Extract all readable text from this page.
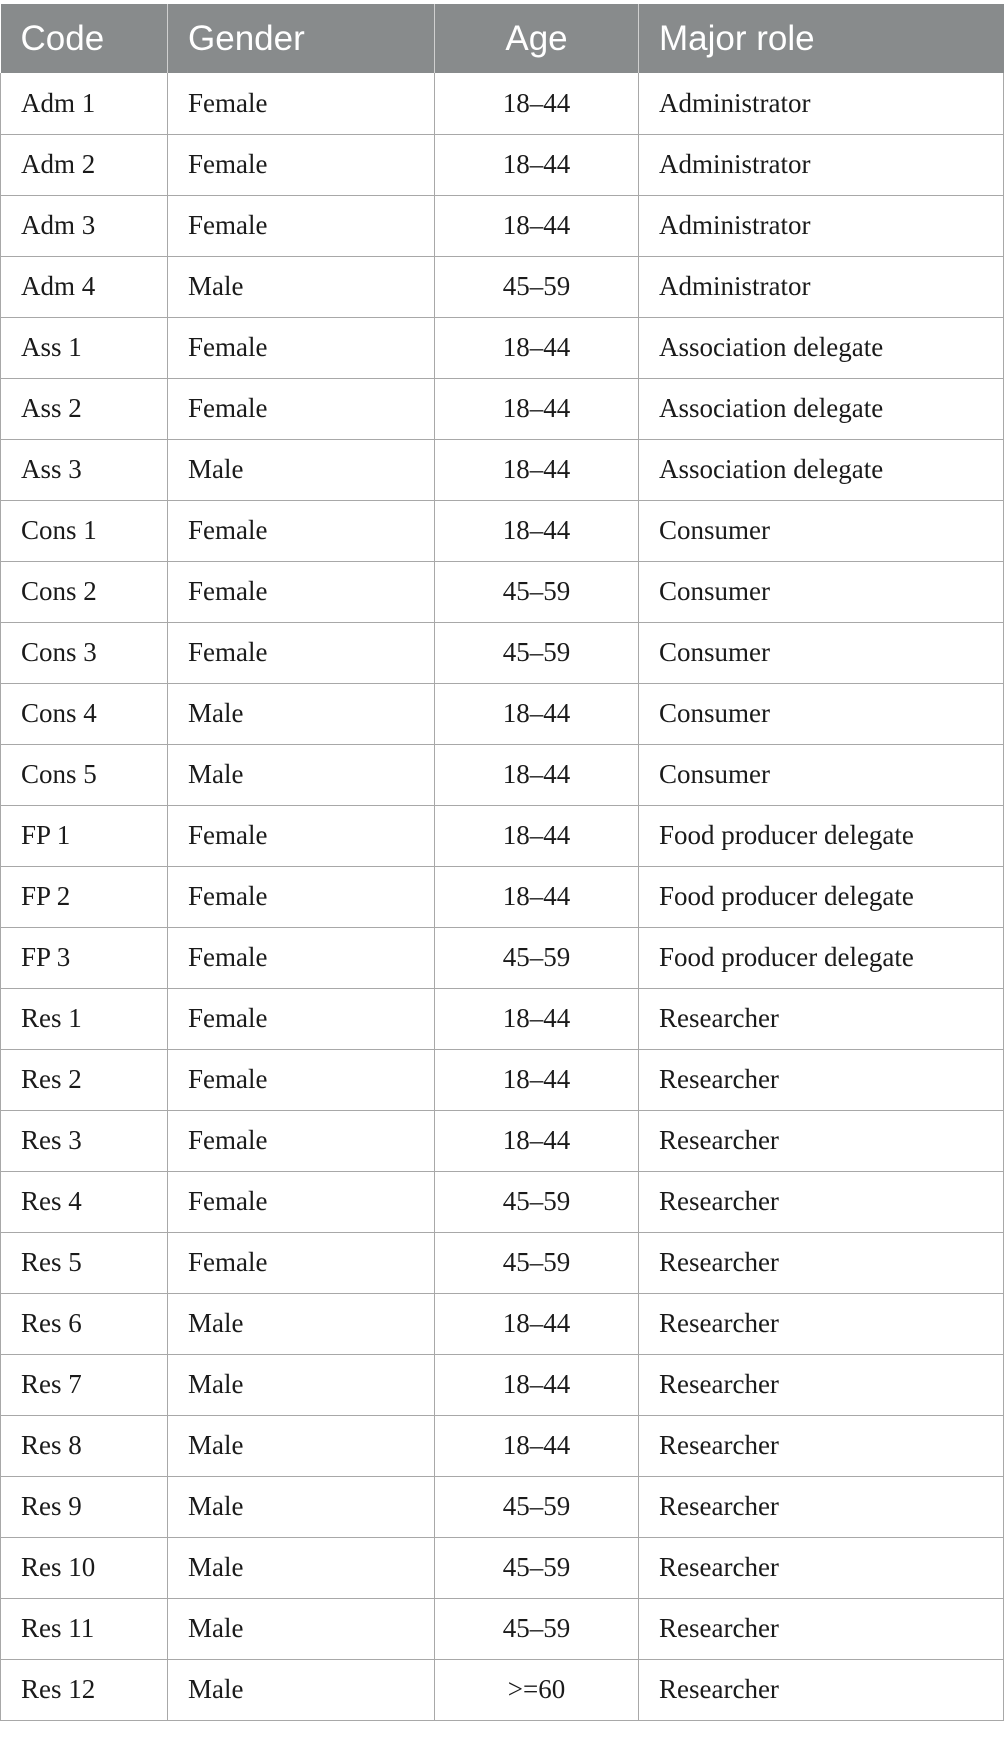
Code	Gender	Age	Major role
Adm 1	Female	18–44	Administrator
Adm 2	Female	18–44	Administrator
Adm 3	Female	18–44	Administrator
Adm 4	Male	45–59	Administrator
Ass 1	Female	18–44	Association delegate
Ass 2	Female	18–44	Association delegate
Ass 3	Male	18–44	Association delegate
Cons 1	Female	18–44	Consumer
Cons 2	Female	45–59	Consumer
Cons 3	Female	45–59	Consumer
Cons 4	Male	18–44	Consumer
Cons 5	Male	18–44	Consumer
FP 1	Female	18–44	Food producer delegate
FP 2	Female	18–44	Food producer delegate
FP 3	Female	45–59	Food producer delegate
Res 1	Female	18–44	Researcher
Res 2	Female	18–44	Researcher
Res 3	Female	18–44	Researcher
Res 4	Female	45–59	Researcher
Res 5	Female	45–59	Researcher
Res 6	Male	18–44	Researcher
Res 7	Male	18–44	Researcher
Res 8	Male	18–44	Researcher
Res 9	Male	45–59	Researcher
Res 10	Male	45–59	Researcher
Res 11	Male	45–59	Researcher
Res 12	Male	>=60	Researcher
